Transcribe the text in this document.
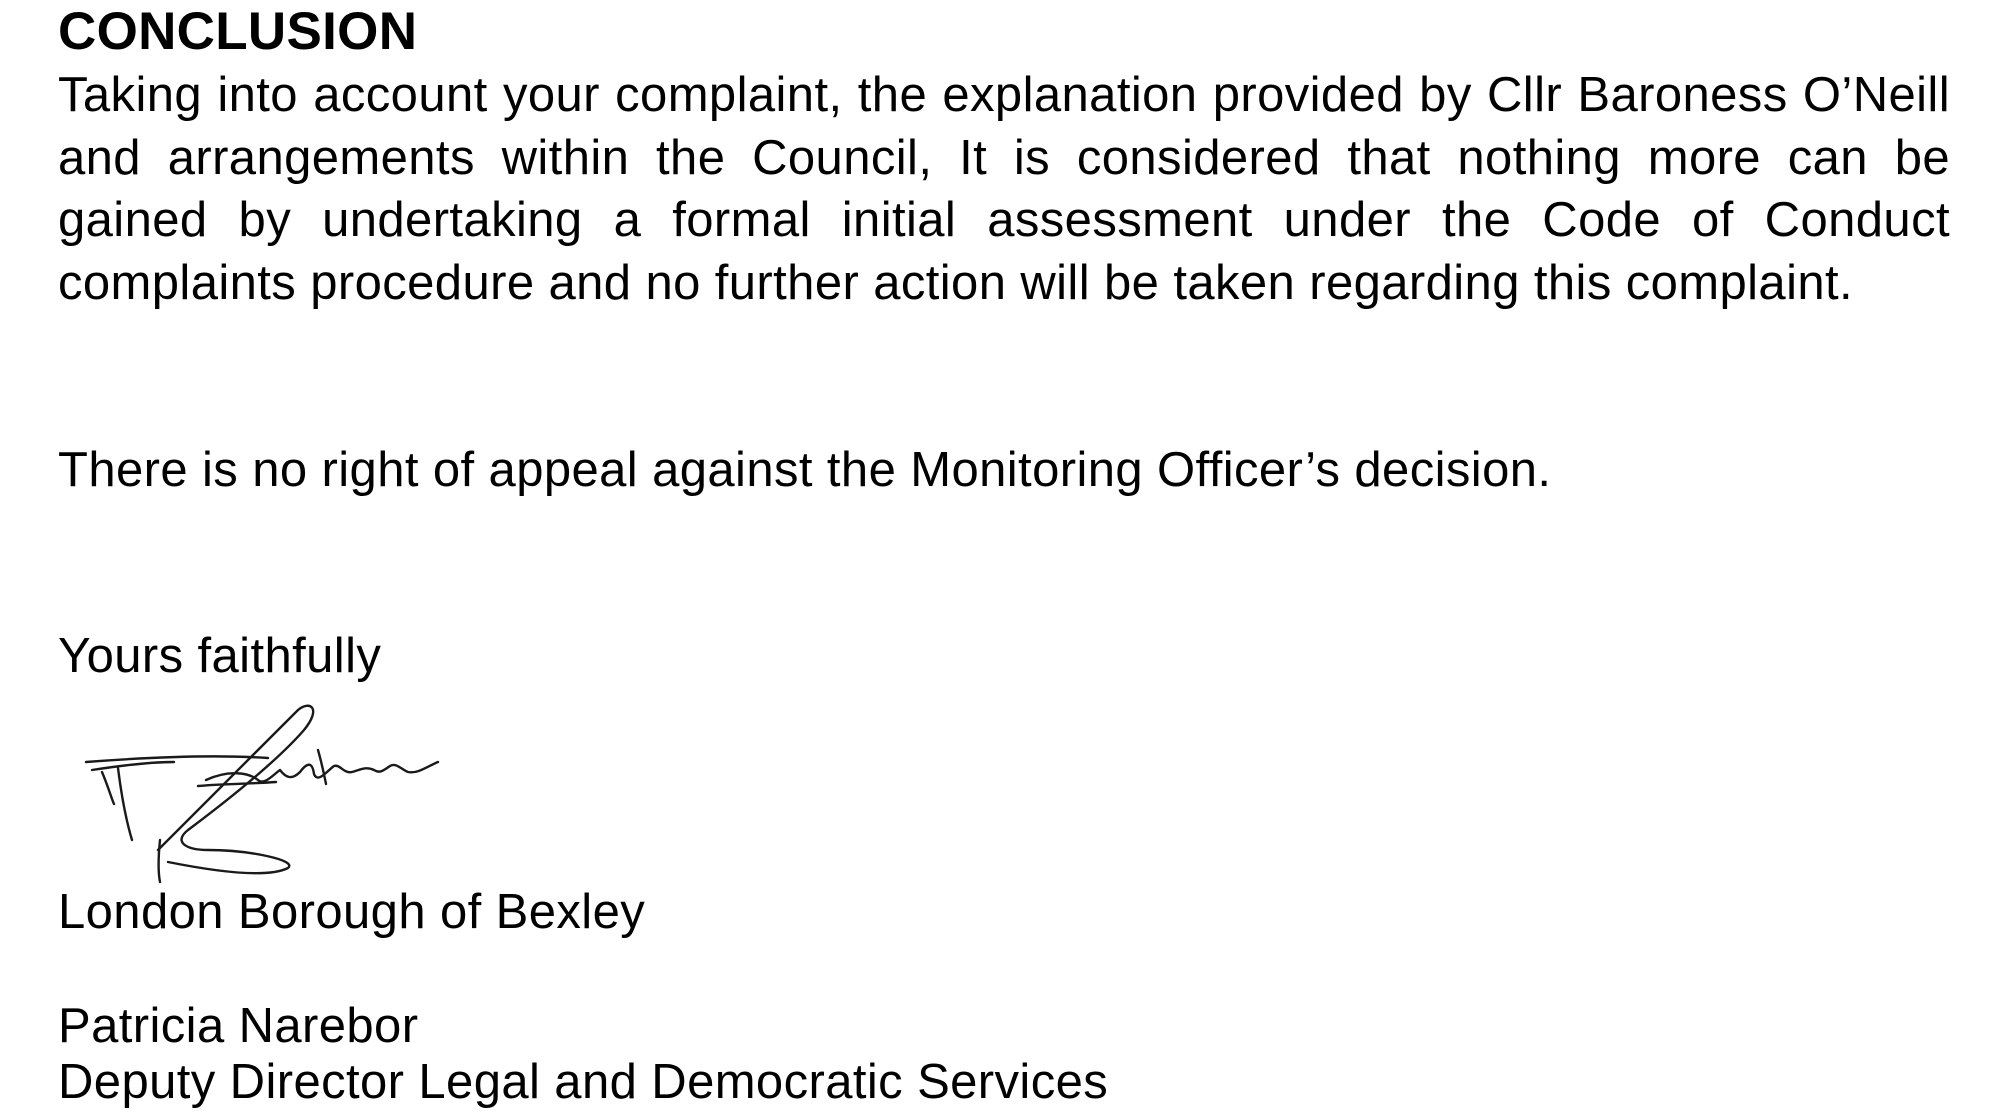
CONCLUSION

Taking into account your complaint, the explanation provided by Cllr Baroness O’Neill and arrangements within the Council, It is considered that nothing more can be gained by undertaking a formal initial assessment under the Code of Conduct complaints procedure and no further action will be taken regarding this complaint.

There is no right of appeal against the Monitoring Officer’s decision.

Yours faithfully

London Borough of Bexley

Patricia Narebor

Deputy Director Legal and Democratic Services
